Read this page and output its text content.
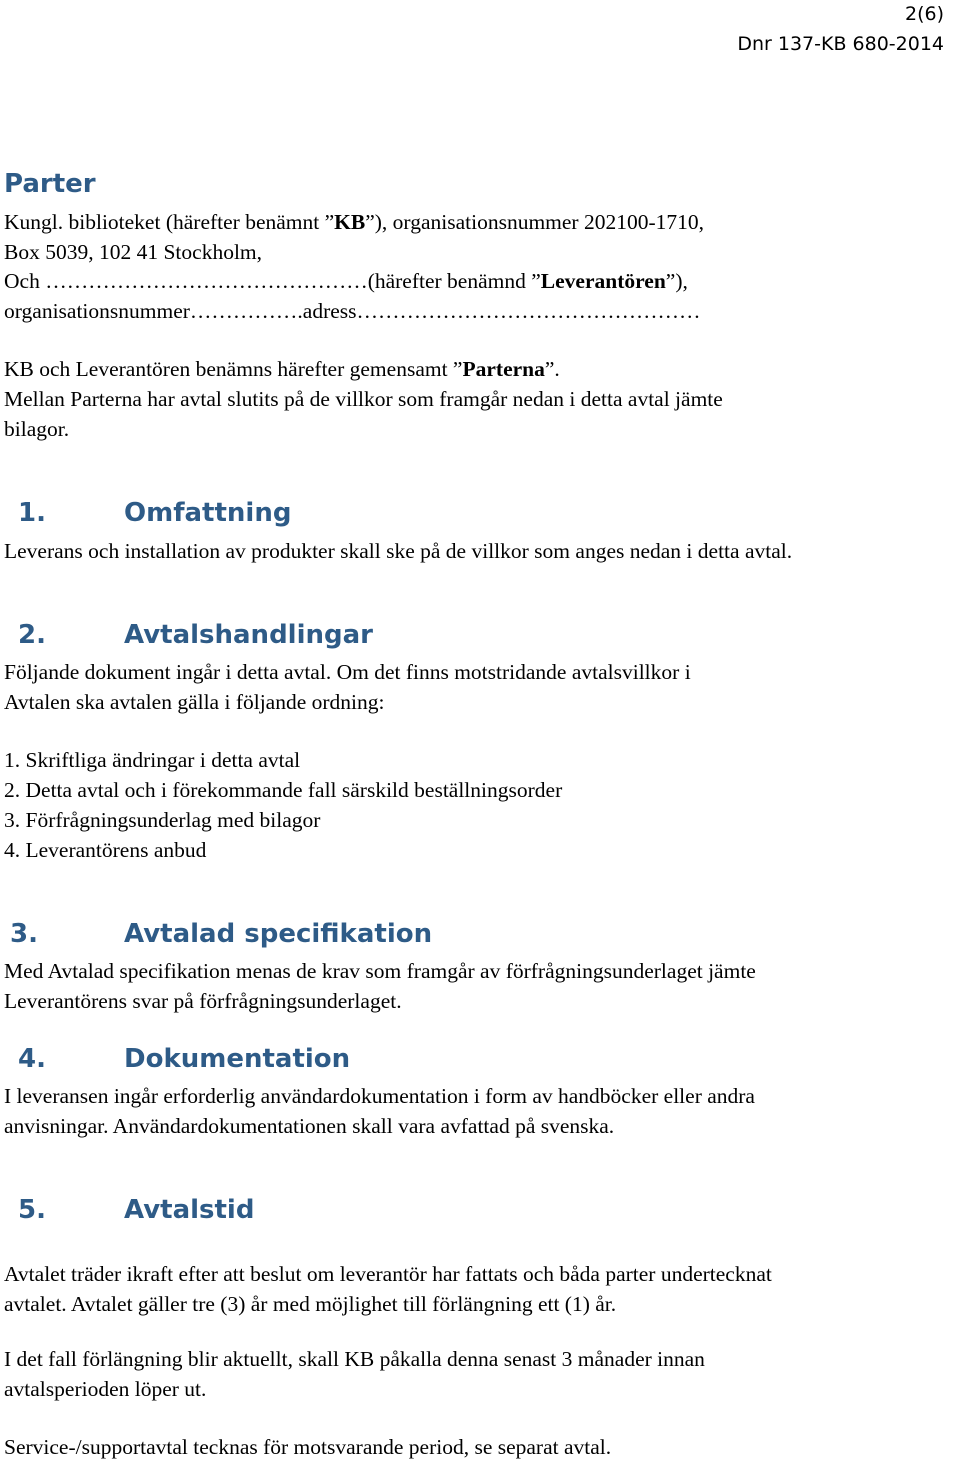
2(6)
Dnr 137-KB 680-2014
Parter
Kungl. biblioteket (härefter benämnt ”KB”), organisationsnummer 202100-1710,
Box 5039, 102 41 Stockholm,
Och ………………………………………(härefter benämnd ”Leverantören”),
organisationsnummer…………….adress…………………………………………
KB och Leverantören benämns härefter gemensamt ”Parterna”.
Mellan Parterna har avtal slutits på de villkor som framgår nedan i detta avtal jämte
bilagor.
1.	Omfattning
Leverans och installation av produkter skall ske på de villkor som anges nedan i detta avtal.
2.	Avtalshandlingar
Följande dokument ingår i detta avtal. Om det finns motstridande avtalsvillkor i
Avtalen ska avtalen gälla i följande ordning:
1. Skriftliga ändringar i detta avtal
2. Detta avtal och i förekommande fall särskild beställningsorder
3. Förfrågningsunderlag med bilagor
4. Leverantörens anbud
3.	Avtalad specifikation
Med Avtalad specifikation menas de krav som framgår av förfrågningsunderlaget jämte
Leverantörens svar på förfrågningsunderlaget.
4.	Dokumentation
I leveransen ingår erforderlig användardokumentation i form av handböcker eller andra
anvisningar. Användardokumentationen skall vara avfattad på svenska.
5.	Avtalstid
Avtalet träder ikraft efter att beslut om leverantör har fattats och båda parter undertecknat
avtalet. Avtalet gäller tre (3) år med möjlighet till förlängning ett (1) år.
I det fall förlängning blir aktuellt, skall KB påkalla denna senast 3 månader innan
avtalsperioden löper ut.
Service-/supportavtal tecknas för motsvarande period, se separat avtal.
